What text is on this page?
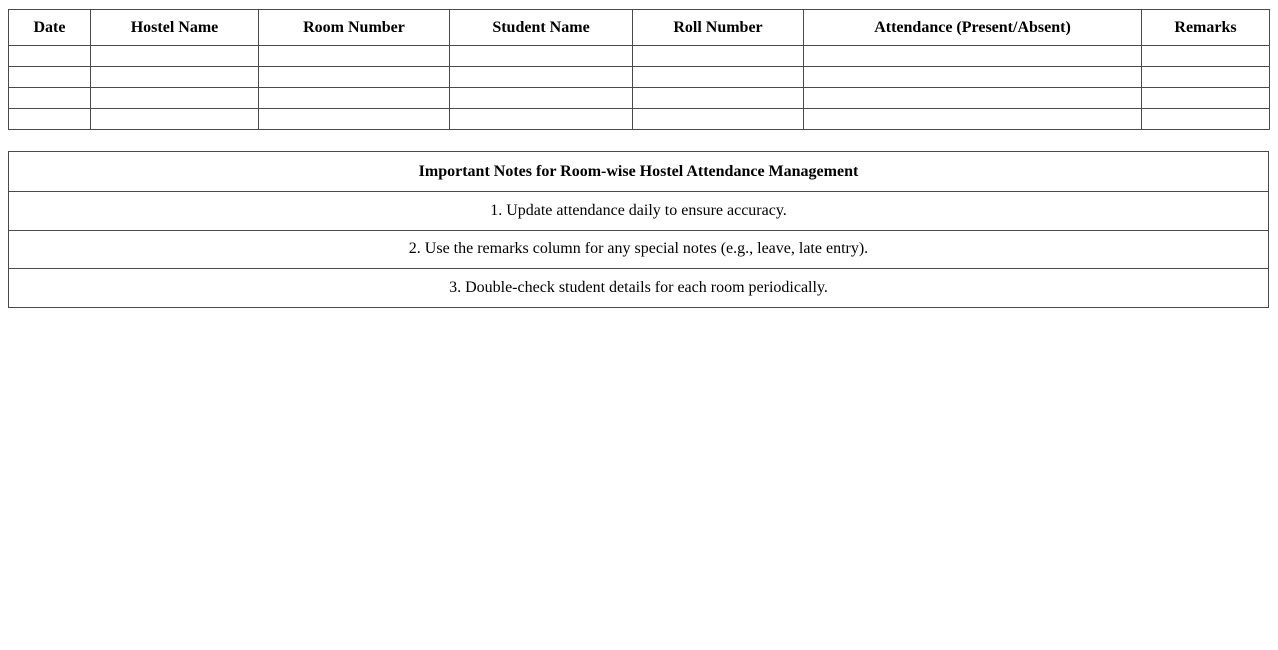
Date	Hostel Name	Room Number	Student Name	Roll Number	Attendance (Present/Absent)	Remarks

Important Notes for Room-wise Hostel Attendance Management
1. Update attendance daily to ensure accuracy.
2. Use the remarks column for any special notes (e.g., leave, late entry).
3. Double-check student details for each room periodically.
